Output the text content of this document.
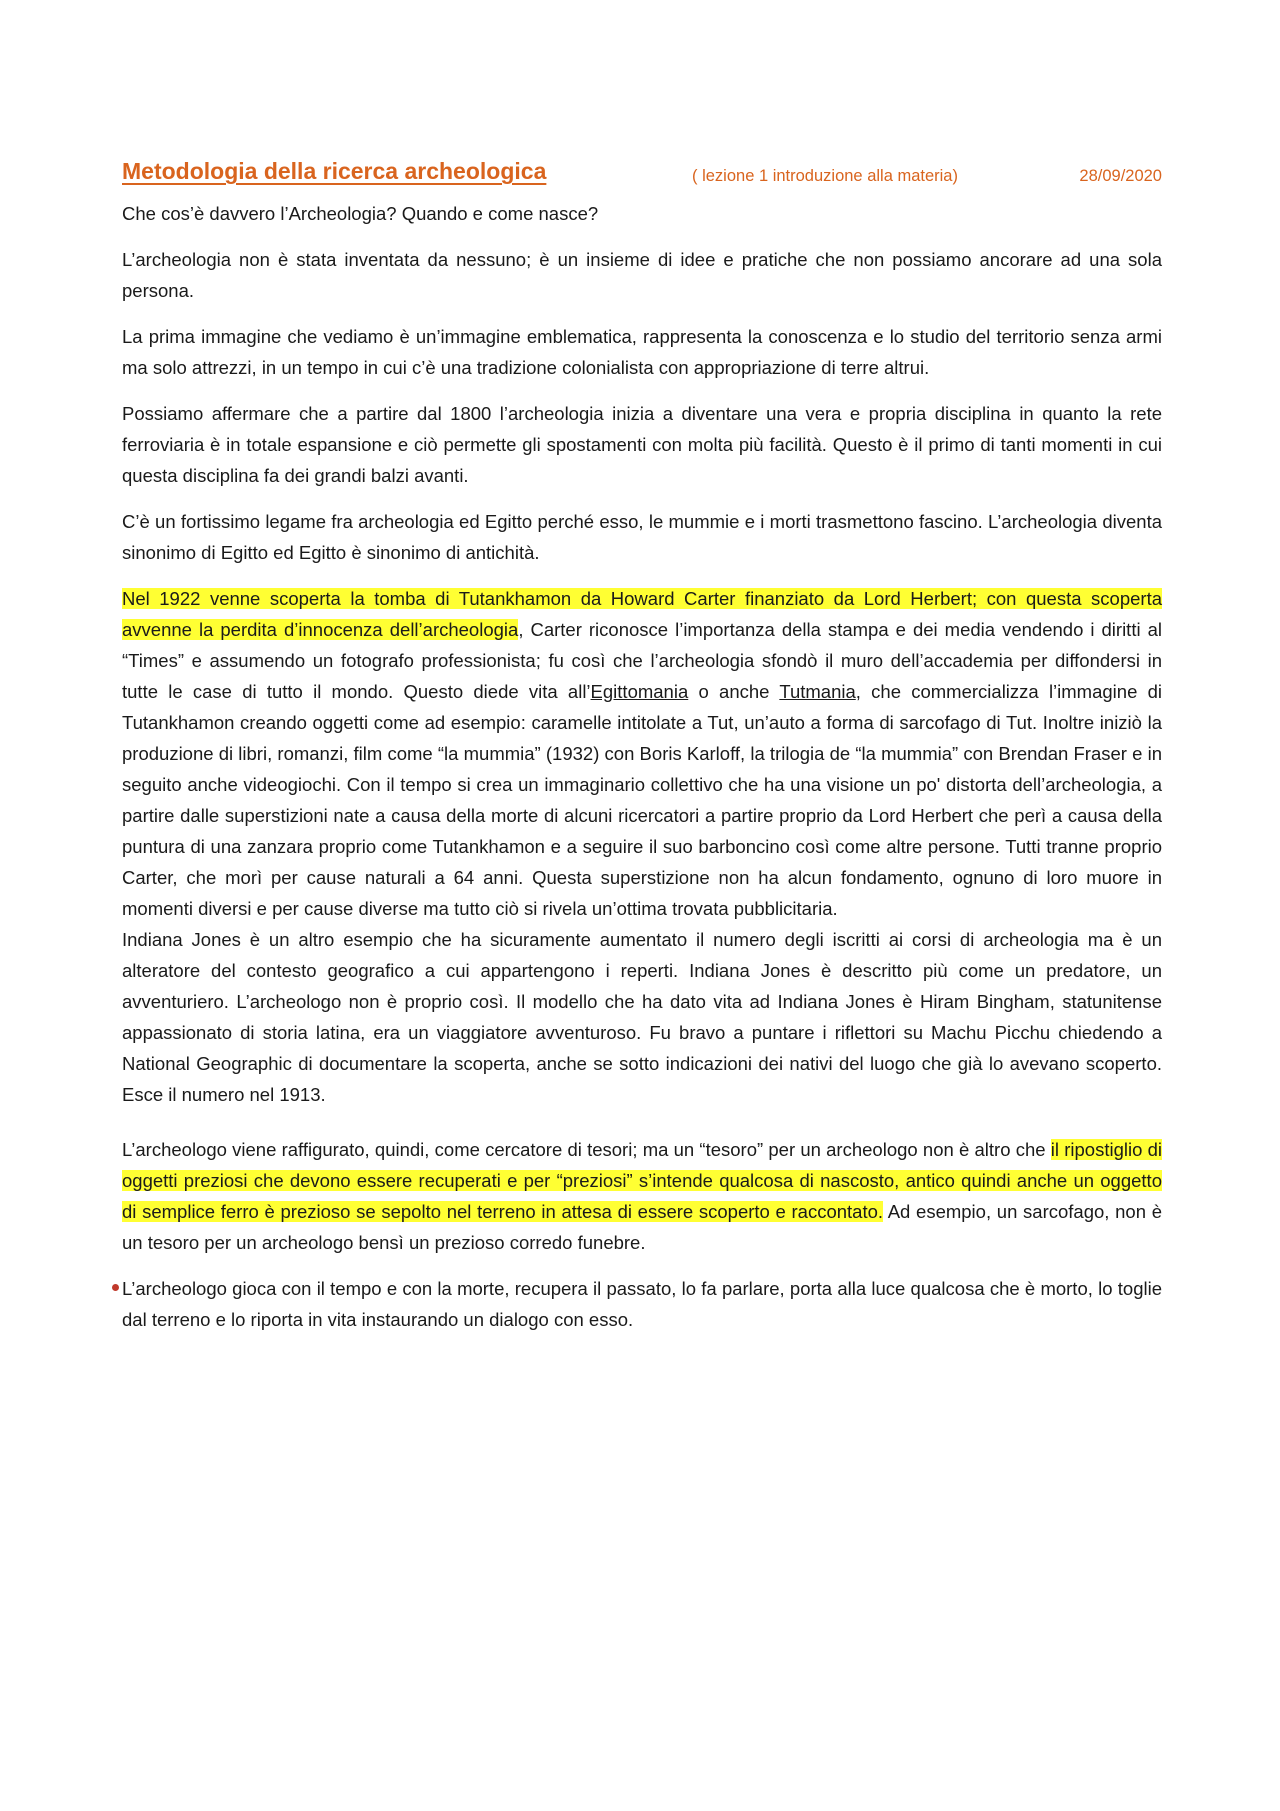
Metodologia della ricerca archeologica	( lezione 1 introduzione alla materia)	28/09/2020

Che cos’è davvero l’Archeologia? Quando e come nasce?

L’archeologia non è stata inventata da nessuno; è un insieme di idee e pratiche che non possiamo ancorare ad una sola persona.

La prima immagine che vediamo è un’immagine emblematica, rappresenta la conoscenza e lo studio del territorio senza armi ma solo attrezzi, in un tempo in cui c’è una tradizione colonialista con appropriazione di terre altrui.

Possiamo affermare che a partire dal 1800 l’archeologia inizia a diventare una vera e propria disciplina in quanto la rete ferroviaria è in totale espansione e ciò permette gli spostamenti con molta più facilità. Questo è il primo di tanti momenti in cui questa disciplina fa dei grandi balzi avanti.

C’è un fortissimo legame fra archeologia ed Egitto perché esso, le mummie e i morti trasmettono fascino. L’archeologia diventa sinonimo di Egitto ed Egitto è sinonimo di antichità.

Nel 1922 venne scoperta la tomba di Tutankhamon da Howard Carter finanziato da Lord Herbert; con questa scoperta avvenne la perdita d’innocenza dell’archeologia, Carter riconosce l’importanza della stampa e dei media vendendo i diritti al “Times” e assumendo un fotografo professionista; fu così che l’archeologia sfondò il muro dell’accademia per diffondersi in tutte le case di tutto il mondo. Questo diede vita all’Egittomania o anche Tutmania, che commercializza l’immagine di Tutankhamon creando oggetti come ad esempio: caramelle intitolate a Tut, un’auto a forma di sarcofago di Tut. Inoltre iniziò la produzione di libri, romanzi, film come “la mummia” (1932) con Boris Karloff, la trilogia de “la mummia” con Brendan Fraser e in seguito anche videogiochi. Con il tempo si crea un immaginario collettivo che ha una visione un po' distorta dell’archeologia, a partire dalle superstizioni nate a causa della morte di alcuni ricercatori a partire proprio da Lord Herbert che perì a causa della puntura di una zanzara proprio come Tutankhamon e a seguire il suo barboncino così come altre persone. Tutti tranne proprio Carter, che morì per cause naturali a 64 anni. Questa superstizione non ha alcun fondamento, ognuno di loro muore in momenti diversi e per cause diverse ma tutto ciò si rivela un’ottima trovata pubblicitaria.

Indiana Jones è un altro esempio che ha sicuramente aumentato il numero degli iscritti ai corsi di archeologia ma è un alteratore del contesto geografico a cui appartengono i reperti. Indiana Jones è descritto più come un predatore, un avventuriero. L’archeologo non è proprio così. Il modello che ha dato vita ad Indiana Jones è Hiram Bingham, statunitense appassionato di storia latina, era un viaggiatore avventuroso. Fu bravo a puntare i riflettori su Machu Picchu chiedendo a National Geographic di documentare la scoperta, anche se sotto indicazioni dei nativi del luogo che già lo avevano scoperto. Esce il numero nel 1913.

L’archeologo viene raffigurato, quindi, come cercatore di tesori; ma un “tesoro” per un archeologo non è altro che il ripostiglio di oggetti preziosi che devono essere recuperati e per “preziosi” s’intende qualcosa di nascosto, antico quindi anche un oggetto di semplice ferro è prezioso se sepolto nel terreno in attesa di essere scoperto e raccontato. Ad esempio, un sarcofago, non è un tesoro per un archeologo bensì un prezioso corredo funebre.

L’archeologo gioca con il tempo e con la morte, recupera il passato, lo fa parlare, porta alla luce qualcosa che è morto, lo toglie dal terreno e lo riporta in vita instaurando un dialogo con esso.
